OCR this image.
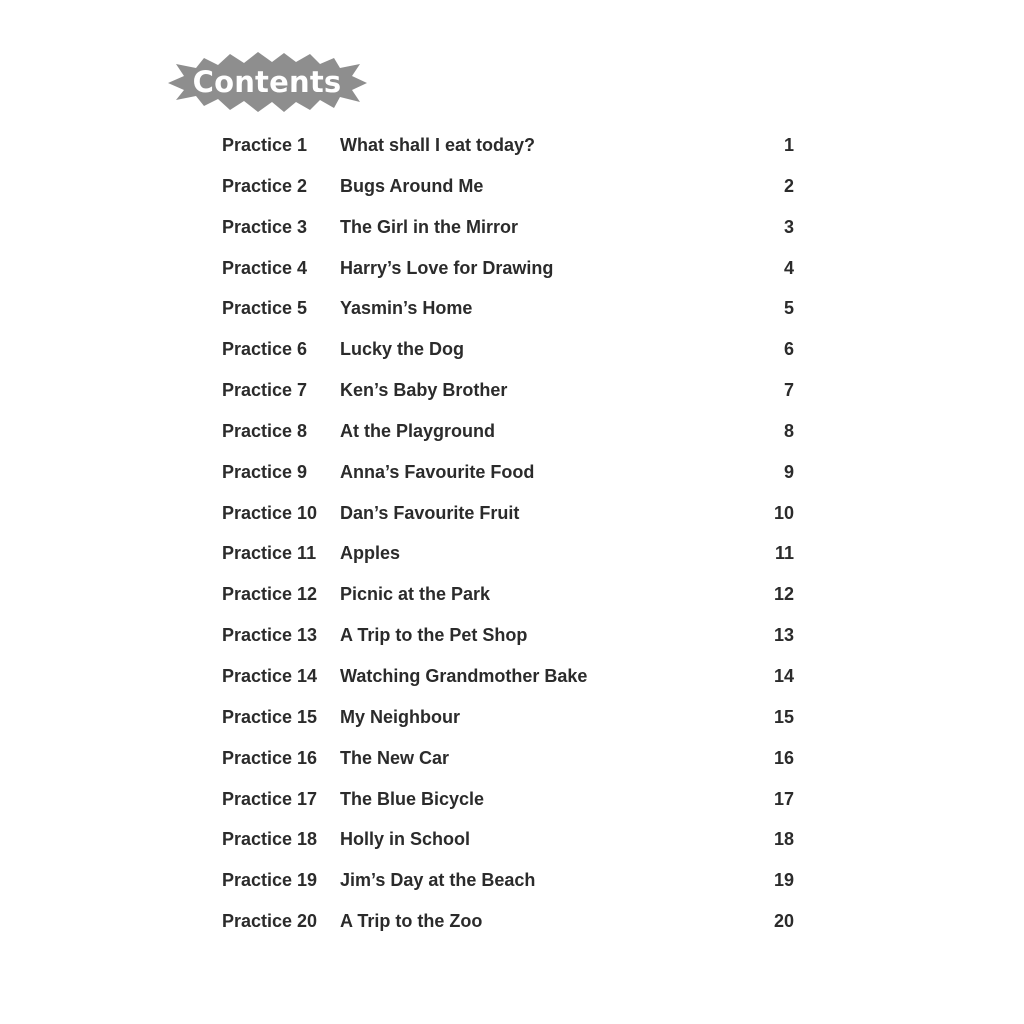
Contents
Practice 1 What shall I eat today?	1
Practice 2 Bugs Around Me	2
Practice 3 The Girl in the Mirror	3
Practice 4 Harry’s Love for Drawing	4
Practice 5 Yasmin’s Home	5
Practice 6 Lucky the Dog	6
Practice 7 Ken’s Baby Brother	7
Practice 8 At the Playground	8
Practice 9 Anna’s Favourite Food	9
Practice 10 Dan’s Favourite Fruit	10
Practice 11 Apples	11
Practice 12 Picnic at the Park	12
Practice 13 A Trip to the Pet Shop	13
Practice 14 Watching Grandmother Bake	14
Practice 15 My Neighbour	15
Practice 16 The New Car	16
Practice 17 The Blue Bicycle	17
Practice 18 Holly in School	18
Practice 19 Jim’s Day at the Beach	19
Practice 20 A Trip to the Zoo	20
